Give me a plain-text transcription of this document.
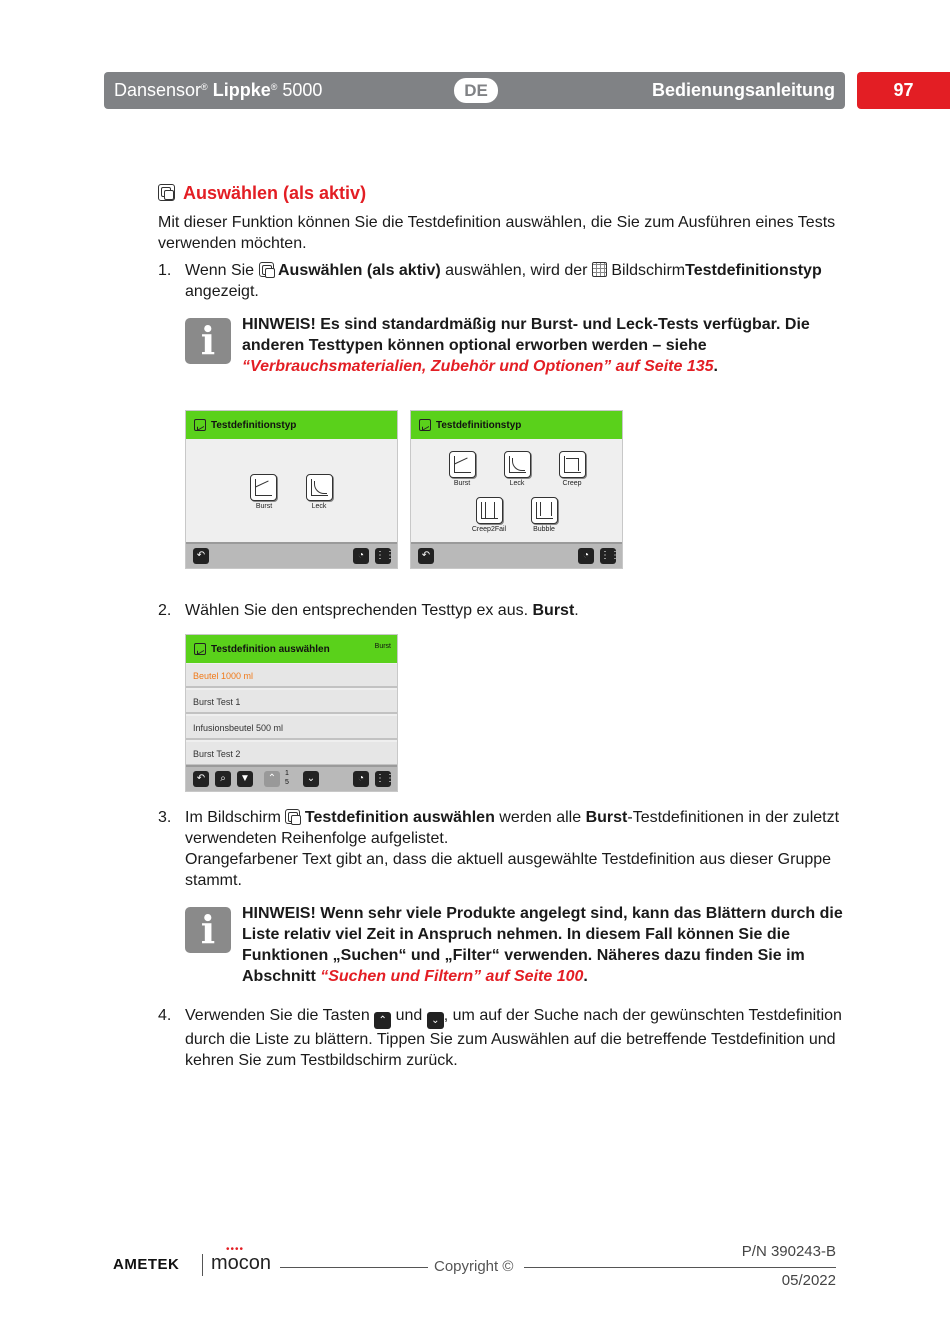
Dansensor® Lippke® 5000	DE	Bedienungsanleitung	97
Auswählen (als aktiv)
Mit dieser Funktion können Sie die Testdefinition auswählen, die Sie zum Ausführen eines Tests verwenden möchten.
1. Wenn Sie  Auswählen (als aktiv) auswählen, wird der  BildschirmTestdefinitionstyp
angezeigt.
i	HINWEIS! Es sind standardmäßig nur Burst- und Leck-Tests verfügbar. Die anderen Testtypen können optional erworben werden – siehe “Verbrauchsmaterialien, Zubehör und Optionen” auf Seite 135.
Testdefinitionstyp
Burst	Leck
↶	◔	⋮⋮
Testdefinitionstyp
Burst	Leck	Creep
Creep2Fail	Bubble
↶	◔	⋮⋮
2. Wählen Sie den entsprechenden Testtyp ex aus. Burst.
Testdefinition auswählen	Burst
Beutel 1000 ml
Burst Test 1
Infusionsbeutel 500 ml
Burst Test 2
↶	⌕	▼	⌃	1
5	⌄	◔	⋮⋮
3. Im Bildschirm  Testdefinition auswählen werden alle Burst-Testdefinitionen in der zuletzt verwendeten Reihenfolge aufgelistet.
Orangefarbener Text gibt an, dass die aktuell ausgewählte Testdefinition aus dieser Gruppe stammt.
i	HINWEIS! Wenn sehr viele Produkte angelegt sind, kann das Blättern durch die Liste relativ viel Zeit in Anspruch nehmen. In diesem Fall können Sie die Funktionen „Suchen“ und „Filter“ verwenden. Näheres dazu finden Sie im Abschnitt “Suchen und Filtern” auf Seite 100.
4. Verwenden Sie die Tasten ⌃ und ⌄ , um auf der Suche nach der gewünschten Testdefinition durch die Liste zu blättern. Tippen Sie zum Auswählen auf die betreffende Testdefinition und kehren Sie zum Testbildschirm zurück.
AMETEK
••••
mocon	Copyright ©
P/N 390243-B
05/2022
